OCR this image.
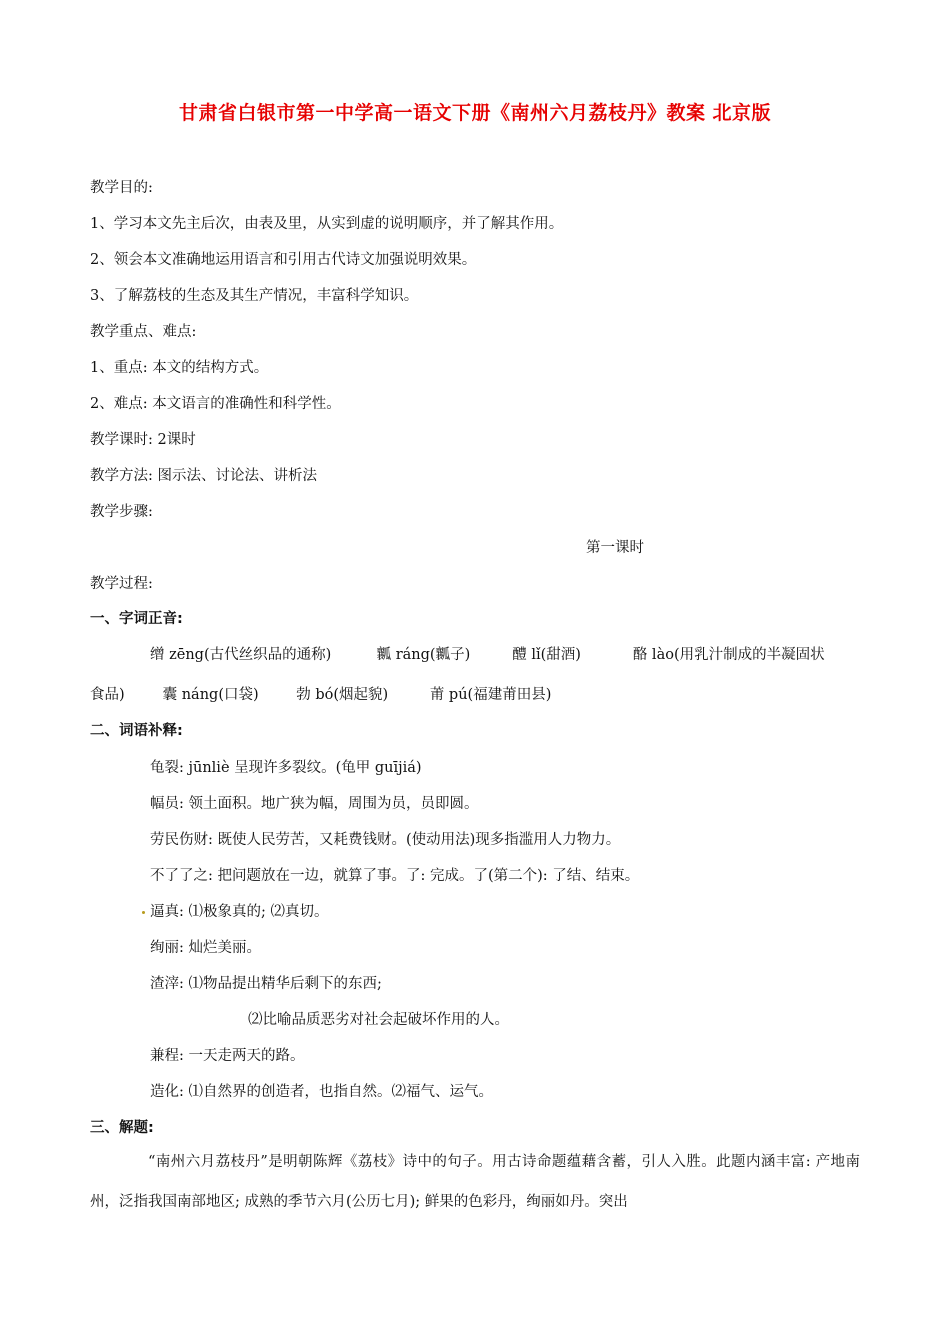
甘肃省白银市第一中学高一语文下册《南州六月荔枝丹》教案 北京版
教学目的:
1、学习本文先主后次，由表及里，从实到虚的说明顺序，并了解其作用。
2、领会本文准确地运用语言和引用古代诗文加强说明效果。
3、了解荔枝的生态及其生产情况，丰富科学知识。
教学重点、难点:
1、重点: 本文的结构方式。
2、难点: 本文语言的准确性和科学性。
教学课时: 2课时
教学方法: 图示法、讨论法、讲析法
教学步骤:
第一课时
教学过程:
一、字词正音:
缯 zēng(古代丝织品的通称)	瓤 ráng(瓤子)	醴 lǐ(甜酒)	酪 lào(用乳汁制成的半凝固状
食品)	囊 náng(口袋)	勃 bó(烟起貌)	莆 pú(福建莆田县)
二、词语补释:
龟裂: jūnliè 呈现许多裂纹。(龟甲 guījiá)
幅员: 领土面积。地广狭为幅，周围为员，员即圆。
劳民伤财: 既使人民劳苦，又耗费钱财。(使动用法)现多指滥用人力物力。
不了了之: 把问题放在一边，就算了事。了: 完成。了(第二个): 了结、结束。
逼真: ⑴极象真的; ⑵真切。
绚丽: 灿烂美丽。
渣滓: ⑴物品提出精华后剩下的东西;
⑵比喻品质恶劣对社会起破坏作用的人。
兼程: 一天走两天的路。
造化: ⑴自然界的创造者，也指自然。⑵福气、运气。
三、解题:
“南州六月荔枝丹”是明朝陈辉《荔枝》诗中的句子。用古诗命题蕴藉含蓄，引人入胜。此题内涵丰富: 产地南州，泛指我国南部地区; 成熟的季节六月(公历七月); 鲜果的色彩丹，绚丽如丹。突出
